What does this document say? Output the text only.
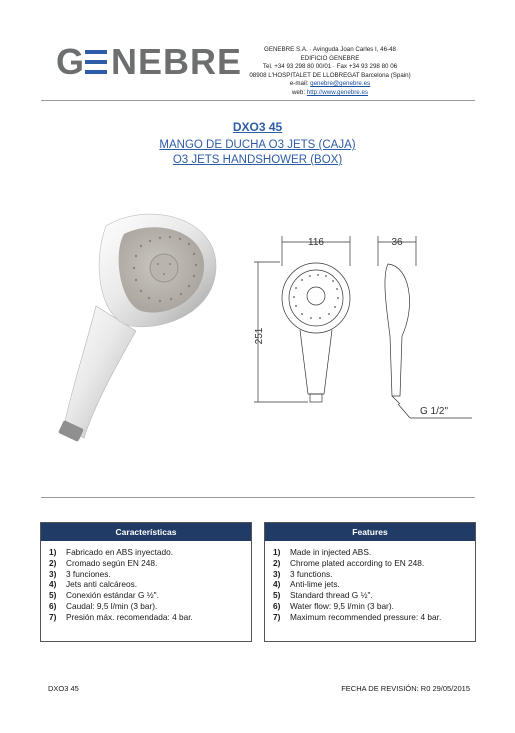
G NEBRE	GENEBRE S.A. · Avinguda Joan Carles I, 46-48
EDIFICIO GENEBRE
Tel. +34 93 298 80 00/01 · Fax +34 93 298 80 06
08908 L'HOSPITALET DE LLOBREGAT Barcelona (Spain)
e-mail: genebre@genebre.es
web: http://www.genebre.es
DXO3 45
MANGO DE DUCHA O3 JETS (CAJA)
O3 JETS HANDSHOWER (BOX)
116	36
251
G 1/2"
Características
1) Fabricado en ABS inyectado.
2) Cromado según EN 248.
3) 3 funciones.
4) Jets anti calcáreos.
5) Conexión estándar G ½".
6) Caudal: 9,5 l/min (3 bar).
7) Presión máx. recomendada: 4 bar.
Features
1) Made in injected ABS.
2) Chrome plated according to EN 248.
3) 3 functions.
4) Anti-lime jets.
5) Standard thread G ½".
6) Water flow: 9,5 l/min (3 bar).
7) Maximum recommended pressure: 4 bar.
DXO3 45	FECHA DE REVISIÓN: R0 29/05/2015
